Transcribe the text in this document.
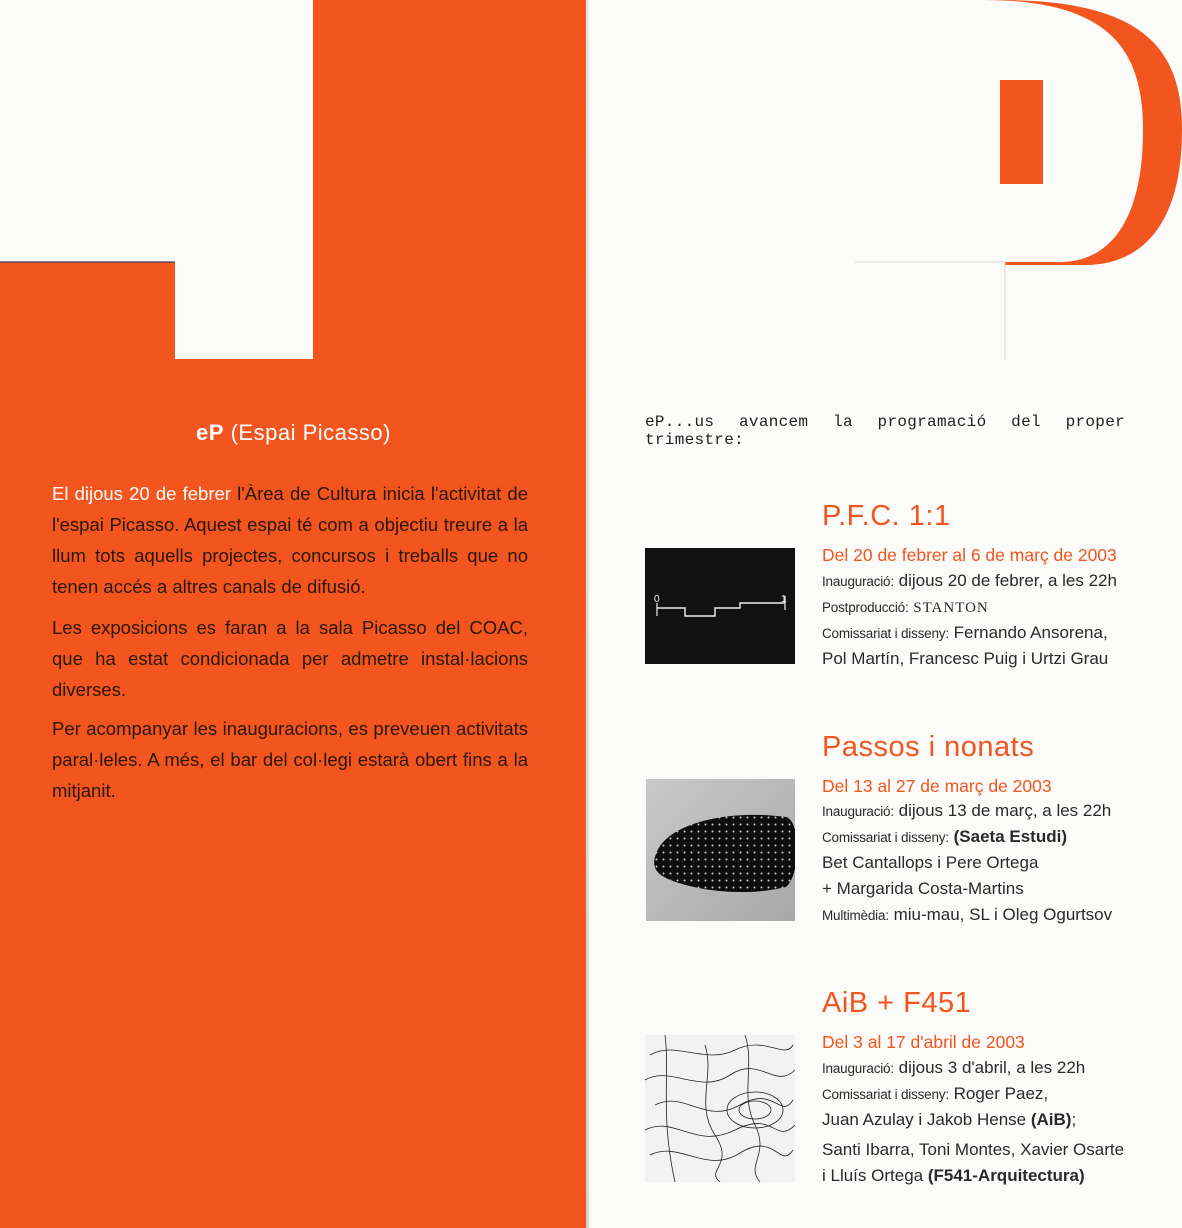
eP (Espai Picasso)
El dijous 20 de febrer l'Àrea de Cultura inicia l'activitat de l'espai Picasso. Aquest espai té com a objectiu treure a la llum tots aquells projectes, concursos i treballs que no tenen accés a altres canals de difusió.
Les exposicions es faran a la sala Picasso del COAC, que ha estat condicionada per admetre instal·lacions diverses.
Per acompanyar les inauguracions, es preveuen activitats paral·leles. A més, el bar del col·legi estarà obert fins a la mitjanit.
eP...us avancem la programació del proper trimestre:
P.F.C. 1:1
0	1
Del 20 de febrer al 6 de març de 2003
Inauguració: dijous 20 de febrer, a les 22h
Postproducció: STANTON
Comissariat i disseny: Fernando Ansorena,
Pol Martín, Francesc Puig i Urtzi Grau
Passos i nonats
Del 13 al 27 de març de 2003
Inauguració: dijous 13 de març, a les 22h
Comissariat i disseny: (Saeta Estudi)
Bet Cantallops i Pere Ortega
+ Margarida Costa-Martins
Multimèdia: miu-mau, SL i Oleg Ogurtsov
AiB + F451
Del 3 al 17 d'abril de 2003
Inauguració: dijous 3 d'abril, a les 22h
Comissariat i disseny: Roger Paez,
Juan Azulay i Jakob Hense (AiB);
Santi Ibarra, Toni Montes, Xavier Osarte
i Lluís Ortega (F541-Arquitectura)
